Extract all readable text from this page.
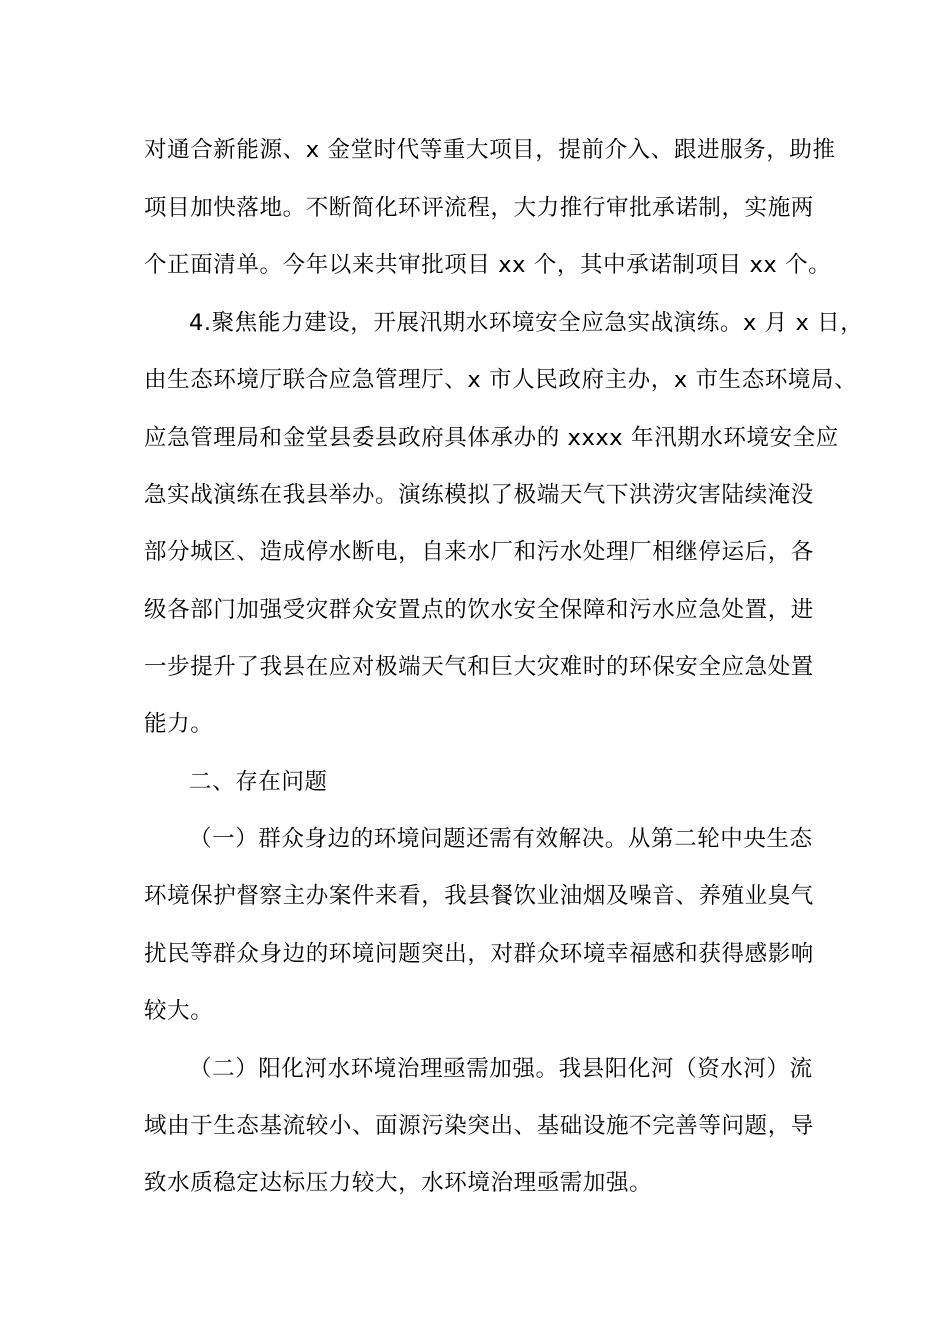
对通合新能源、x 金堂时代等重大项目，提前介入、跟进服务，助推
项目加快落地。不断简化环评流程，大力推行审批承诺制，实施两
个正面清单。今年以来共审批项目 xx 个，其中承诺制项目 xx 个。
4.聚焦能力建设，开展汛期水环境安全应急实战演练。x 月 x 日，
由生态环境厅联合应急管理厅、x 市人民政府主办，x 市生态环境局、
应急管理局和金堂县委县政府具体承办的 xxxx 年汛期水环境安全应
急实战演练在我县举办。演练模拟了极端天气下洪涝灾害陆续淹没
部分城区、造成停水断电，自来水厂和污水处理厂相继停运后，各
级各部门加强受灾群众安置点的饮水安全保障和污水应急处置，进
一步提升了我县在应对极端天气和巨大灾难时的环保安全应急处置
能力。
二、存在问题
（一）群众身边的环境问题还需有效解决。从第二轮中央生态
环境保护督察主办案件来看，我县餐饮业油烟及噪音、养殖业臭气
扰民等群众身边的环境问题突出，对群众环境幸福感和获得感影响
较大。
（二）阳化河水环境治理亟需加强。我县阳化河（资水河）流
域由于生态基流较小、面源污染突出、基础设施不完善等问题，导
致水质稳定达标压力较大，水环境治理亟需加强。
